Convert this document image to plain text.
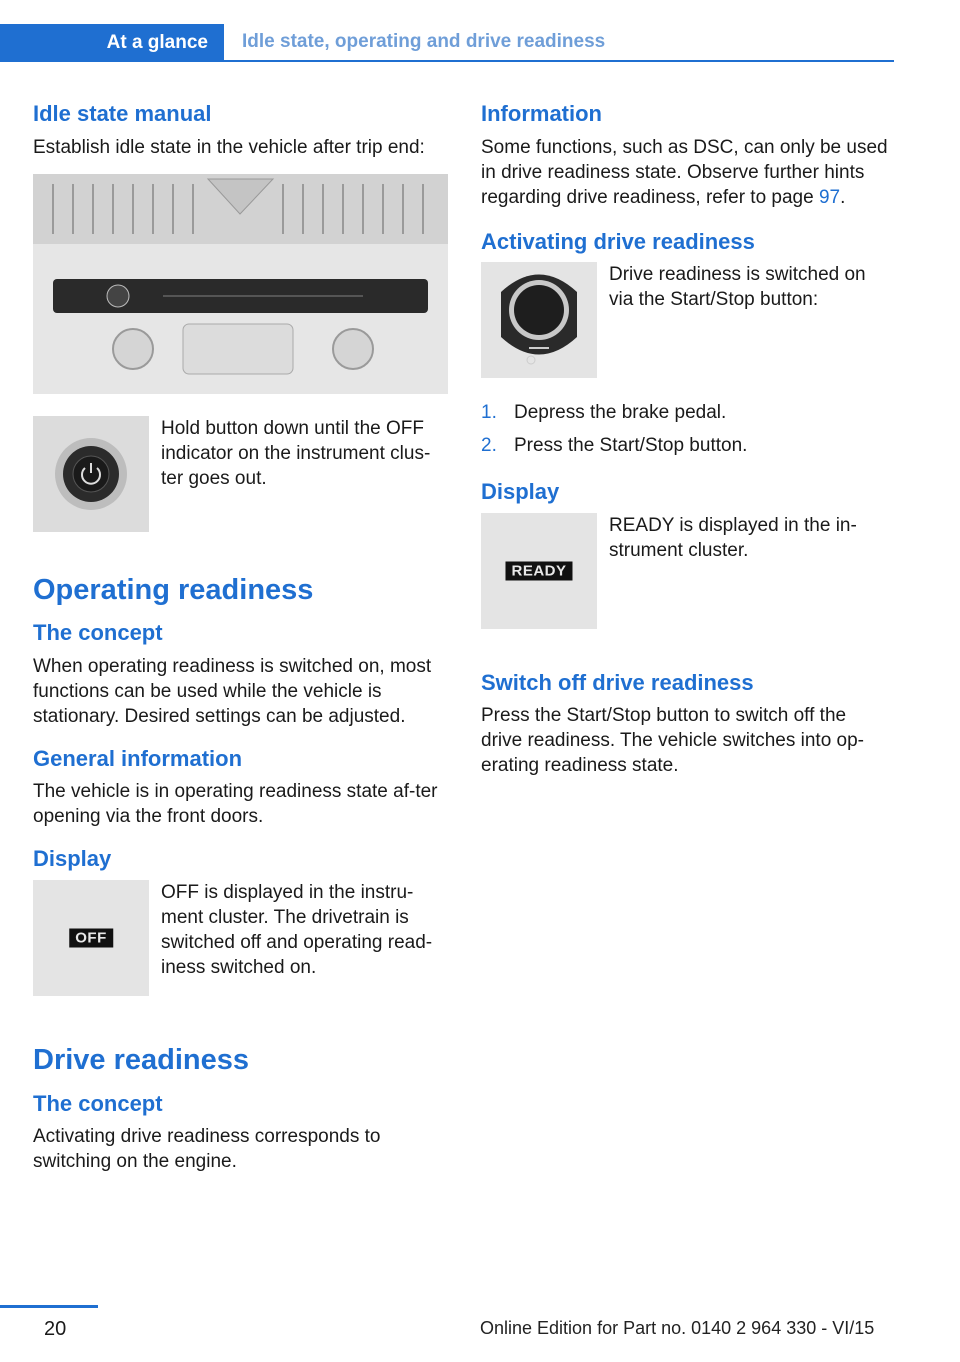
At a glance	Idle state, operating and drive readiness
Idle state manual

Establish idle state in the vehicle after trip end:

Hold button down until the OFF indicator on the instrument clus-ter goes out.
Operating readiness
The concept

When operating readiness is switched on, most functions can be used while the vehicle is stationary. Desired settings can be adjusted.

General information

The vehicle is in operating readiness state af-ter opening via the front doors.

Display
OFF
OFF is displayed in the instru-ment cluster. The drivetrain is switched off and operating read-iness switched on.
Drive readiness
The concept

Activating drive readiness corresponds to switching on the engine.

Information

Some functions, such as DSC, can only be used in drive readiness state. Observe further hints regarding drive readiness, refer to page 97.

Activating drive readiness
Drive readiness is switched on via the Start/Stop button:
1. Depress the brake pedal.
2. Press the Start/Stop button.
Display
READY
READY is displayed in the in-strument cluster.
Switch off drive readiness

Press the Start/Stop button to switch off the drive readiness. The vehicle switches into op-erating readiness state.

20	Online Edition for Part no. 0140 2 964 330 - VI/15
